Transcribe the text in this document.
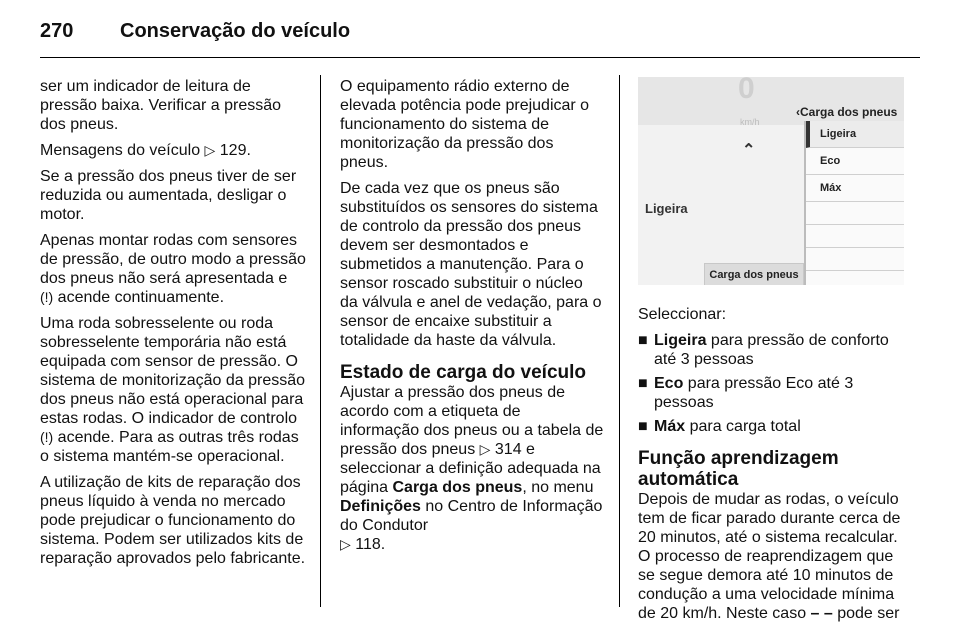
270	Conservação do veículo

ser um indicador de leitura de pressão baixa. Verificar a pressão dos pneus.

Mensagens do veículo ▷ 129.

Se a pressão dos pneus tiver de ser reduzida ou aumentada, desligar o motor.

Apenas montar rodas com sensores de pressão, de outro modo a pressão dos pneus não será apresentada e
(!) acende continuamente.

Uma roda sobresselente ou roda sobresselente temporária não está equipada com sensor de pressão. O sistema de monitorização da pressão dos pneus não está operacional para estas rodas. O indicador de controlo
(!) acende. Para as outras três rodas o sistema mantém-se operacional.

A utilização de kits de reparação dos pneus líquido à venda no mercado pode prejudicar o funcionamento do sistema. Podem ser utilizados kits de reparação aprovados pelo fabricante.

O equipamento rádio externo de elevada potência pode prejudicar o funcionamento do sistema de monitorização da pressão dos pneus.

De cada vez que os pneus são substituídos os sensores do sistema de controlo da pressão dos pneus devem ser desmontados e submetidos a manutenção. Para o sensor roscado substituir o núcleo da válvula e anel de vedação, para o sensor de encaixe substituir a totalidade da haste da válvula.

Estado de carga do veículo

Ajustar a pressão dos pneus de acordo com a etiqueta de informação dos pneus ou a tabela de pressão dos pneus ▷ 314 e seleccionar a definição adequada na página Carga dos pneus, no menu Definições no Centro de Informação do Condutor
▷ 118.

0
km/h
‹Carga dos pneus
⌃
Ligeira
Carga dos pneus
Ligeira
Eco
Máx

Seleccionar:

■ Ligeira para pressão de conforto até 3 pessoas
■ Eco para pressão Eco até 3 pessoas
■ Máx para carga total
Função aprendizagem automática

Depois de mudar as rodas, o veículo tem de ficar parado durante cerca de 20 minutos, até o sistema recalcular. O processo de reaprendizagem que se segue demora até 10 minutos de condução a uma velocidade mínima de 20 km/h. Neste caso – – pode ser
